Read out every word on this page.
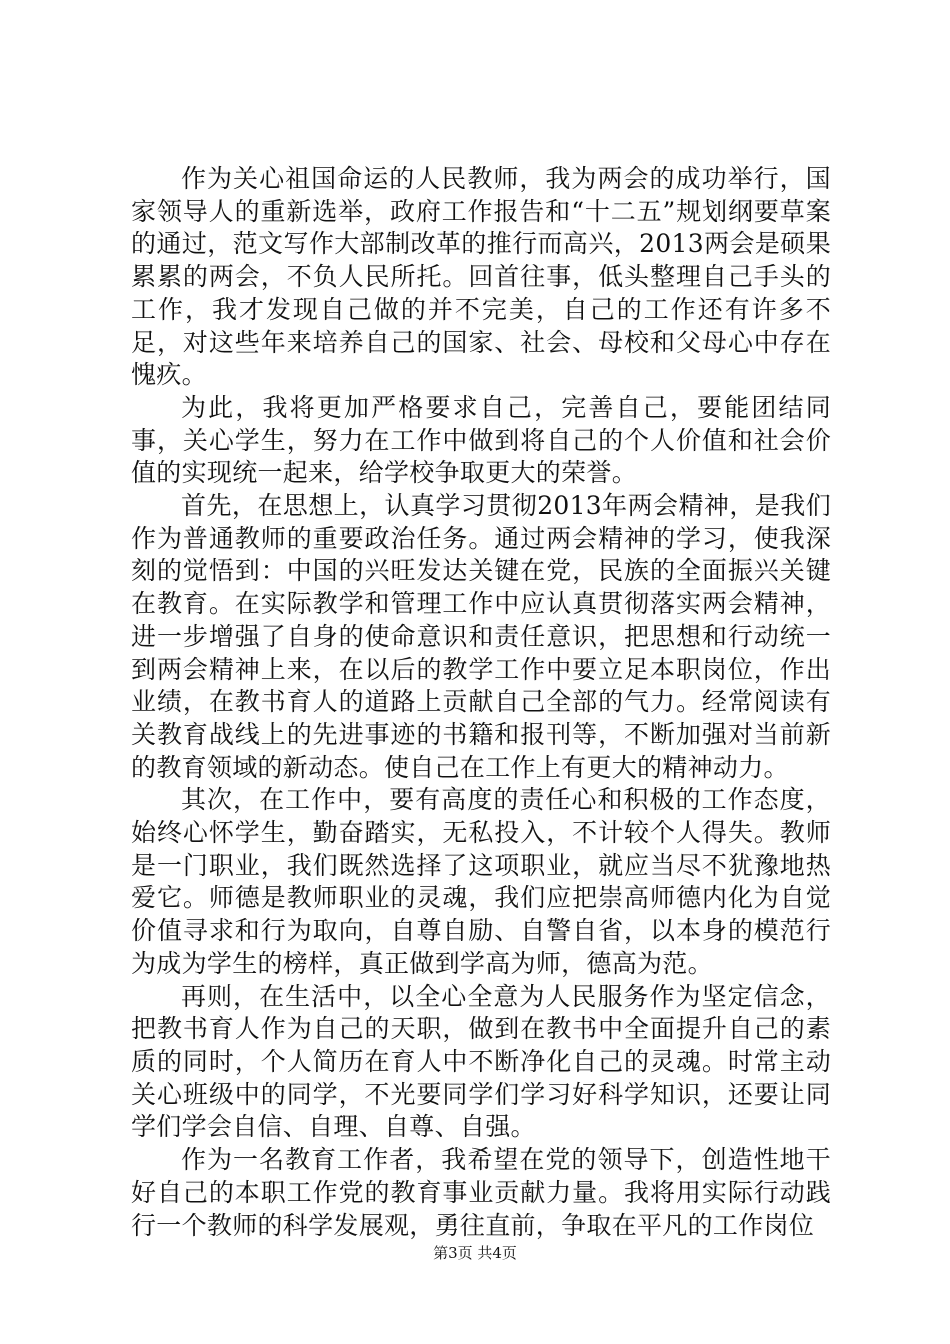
作为关心祖国命运的人民教师，我为两会的成功举行，国家领导人的重新选举，政府工作报告和“十二五”规划纲要草案的通过，范文写作大部制改革的推行而高兴，2013两会是硕果累累的两会，不负人民所托。回首往事，低头整理自己手头的工作，我才发现自己做的并不完美，自己的工作还有许多不足，对这些年来培养自己的国家、社会、母校和父母心中存在愧疚。

为此，我将更加严格要求自己，完善自己，要能团结同事，关心学生，努力在工作中做到将自己的个人价值和社会价值的实现统一起来，给学校争取更大的荣誉。

首先，在思想上，认真学习贯彻2013年两会精神，是我们作为普通教师的重要政治任务。通过两会精神的学习，使我深刻的觉悟到：中国的兴旺发达关键在党，民族的全面振兴关键在教育。在实际教学和管理工作中应认真贯彻落实两会精神，进一步增强了自身的使命意识和责任意识，把思想和行动统一到两会精神上来，在以后的教学工作中要立足本职岗位，作出业绩，在教书育人的道路上贡献自己全部的气力。经常阅读有关教育战线上的先进事迹的书籍和报刊等，不断加强对当前新的教育领域的新动态。使自己在工作上有更大的精神动力。

其次，在工作中，要有高度的责任心和积极的工作态度，始终心怀学生，勤奋踏实，无私投入，不计较个人得失。教师是一门职业，我们既然选择了这项职业，就应当尽不犹豫地热爱它。师德是教师职业的灵魂，我们应把崇高师德内化为自觉价值寻求和行为取向，自尊自励、自警自省，以本身的模范行为成为学生的榜样，真正做到学高为师，德高为范。

再则，在生活中，以全心全意为人民服务作为坚定信念，把教书育人作为自己的天职，做到在教书中全面提升自己的素质的同时，个人简历在育人中不断净化自己的灵魂。时常主动关心班级中的同学，不光要同学们学习好科学知识，还要让同学们学会自信、自理、自尊、自强。

作为一名教育工作者，我希望在党的领导下，创造性地干好自己的本职工作党的教育事业贡献力量。我将用实际行动践行一个教师的科学发展观，勇往直前，争取在平凡的工作岗位

第3页 共4页
